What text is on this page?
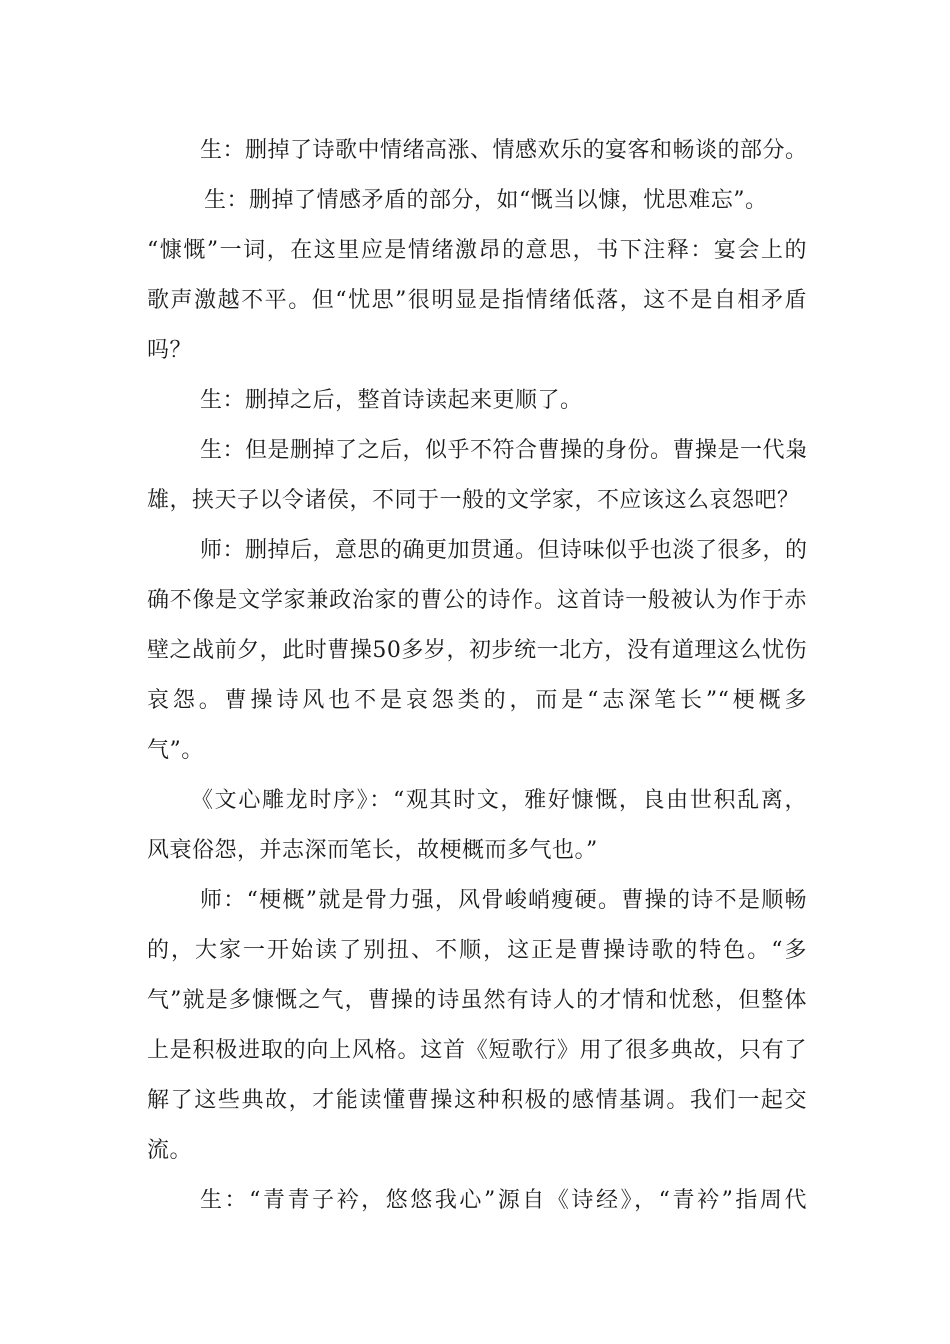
生：删掉了诗歌中情绪高涨、情感欢乐的宴客和畅谈的部分。
生：删掉了情感矛盾的部分，如“慨当以慷，忧思难忘”。
“慷慨”一词，在这里应是情绪激昂的意思，书下注释：宴会上的
歌声激越不平。但“忧思”很明显是指情绪低落，这不是自相矛盾
吗？
生：删掉之后，整首诗读起来更顺了。
生：但是删掉了之后，似乎不符合曹操的身份。曹操是一代枭
雄，挟天子以令诸侯，不同于一般的文学家，不应该这么哀怨吧？
师：删掉后，意思的确更加贯通。但诗味似乎也淡了很多，的
确不像是文学家兼政治家的曹公的诗作。这首诗一般被认为作于赤
壁之战前夕，此时曹操50多岁，初步统一北方，没有道理这么忧伤
哀怨。曹操诗风也不是哀怨类的，而是“志深笔长”“梗概多
气”。
《文心雕龙时序》：“观其时文，雅好慷慨，良由世积乱离，
风衰俗怨，并志深而笔长，故梗概而多气也。”
师：“梗概”就是骨力强，风骨峻峭瘦硬。曹操的诗不是顺畅
的，大家一开始读了别扭、不顺，这正是曹操诗歌的特色。“多
气”就是多慷慨之气，曹操的诗虽然有诗人的才情和忧愁，但整体
上是积极进取的向上风格。这首《短歌行》用了很多典故，只有了
解了这些典故，才能读懂曹操这种积极的感情基调。我们一起交
流。
生：“青青子衿，悠悠我心”源自《诗经》，“青衿”指周代
